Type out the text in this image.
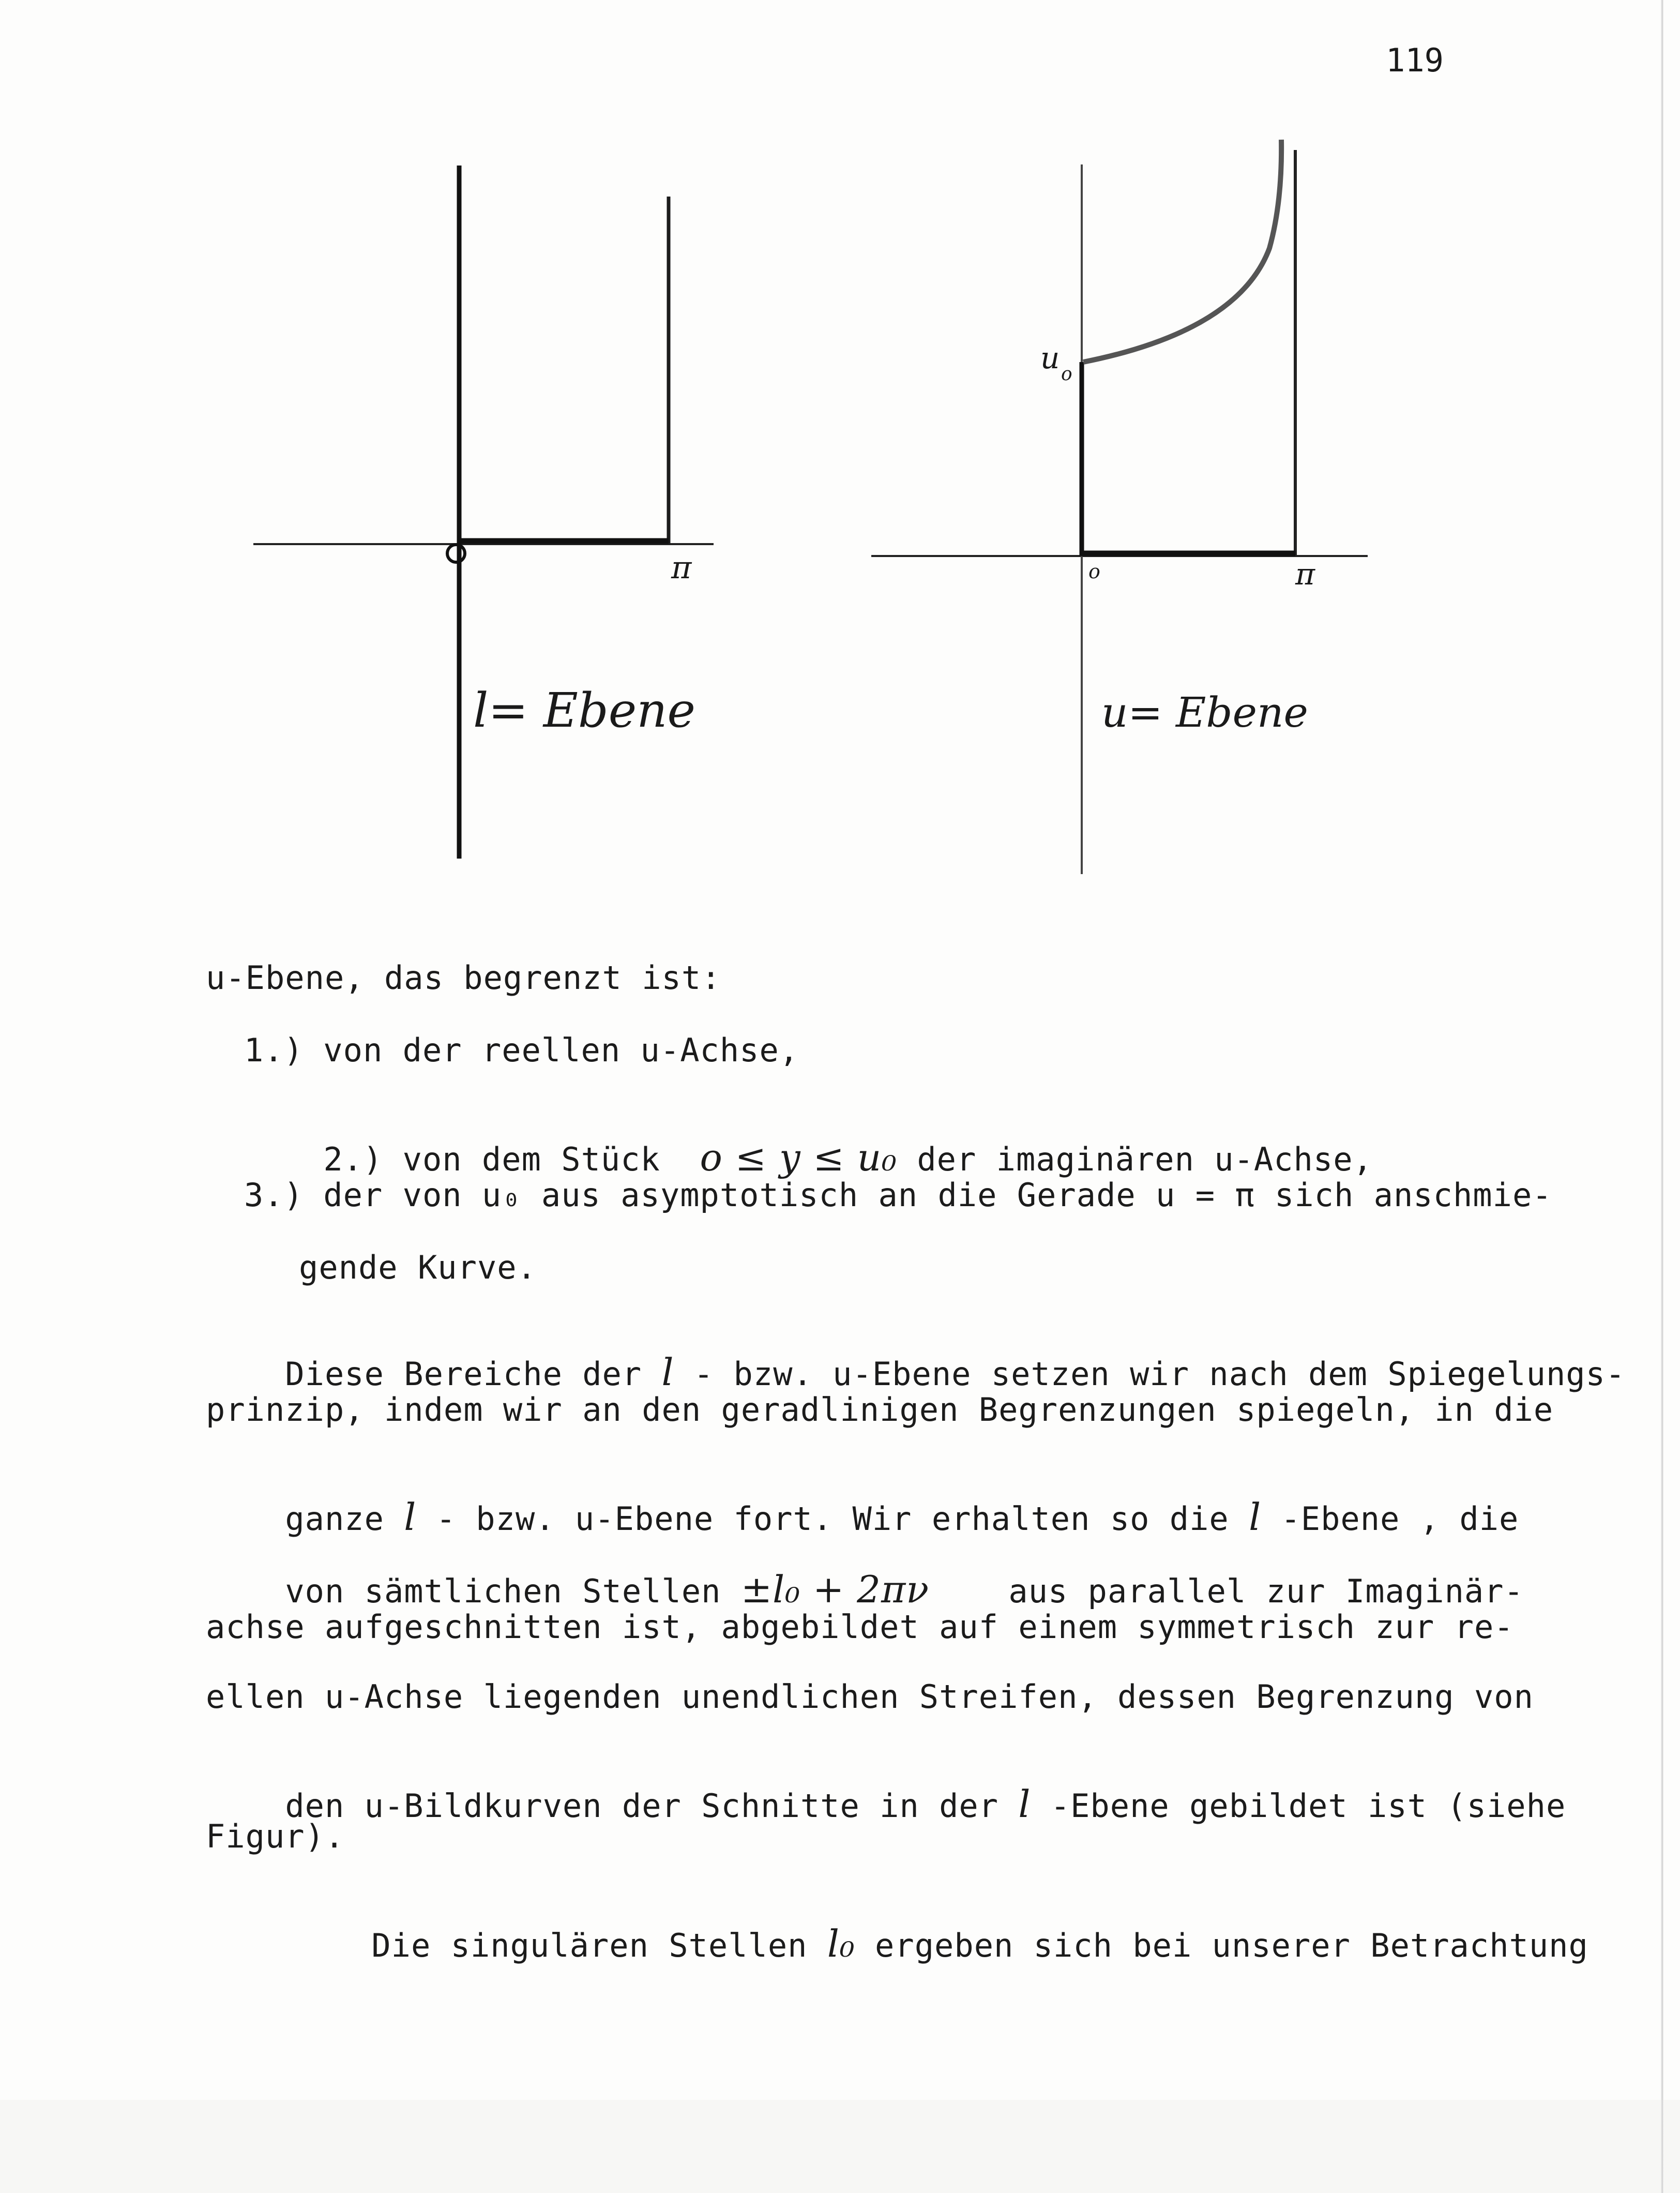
119
π
l= Ebene
u o
o	π
u= Ebene
u-Ebene, das begrenzt ist:
1.) von der reellen u-Achse,

2.) von dem Stück  o ≤ y ≤ u₀ der imaginären u-Achse,

3.) der von u₀ aus asymptotisch an die Gerade u = π sich anschmie-
gende Kurve.

Diese Bereiche der l - bzw. u-Ebene setzen wir nach dem Spiegelungs-

prinzip, indem wir an den geradlinigen Begrenzungen spiegeln, in die

ganze l - bzw. u-Ebene fort. Wir erhalten so die l -Ebene , die

von sämtlichen Stellen ±l₀ + 2πν    aus parallel zur Imaginär-

achse aufgeschnitten ist, abgebildet auf einem symmetrisch zur re-
ellen u-Achse liegenden unendlichen Streifen, dessen Begrenzung von

den u-Bildkurven der Schnitte in der l -Ebene gebildet ist (siehe

Figur).

Die singulären Stellen l₀ ergeben sich bei unserer Betrachtung
